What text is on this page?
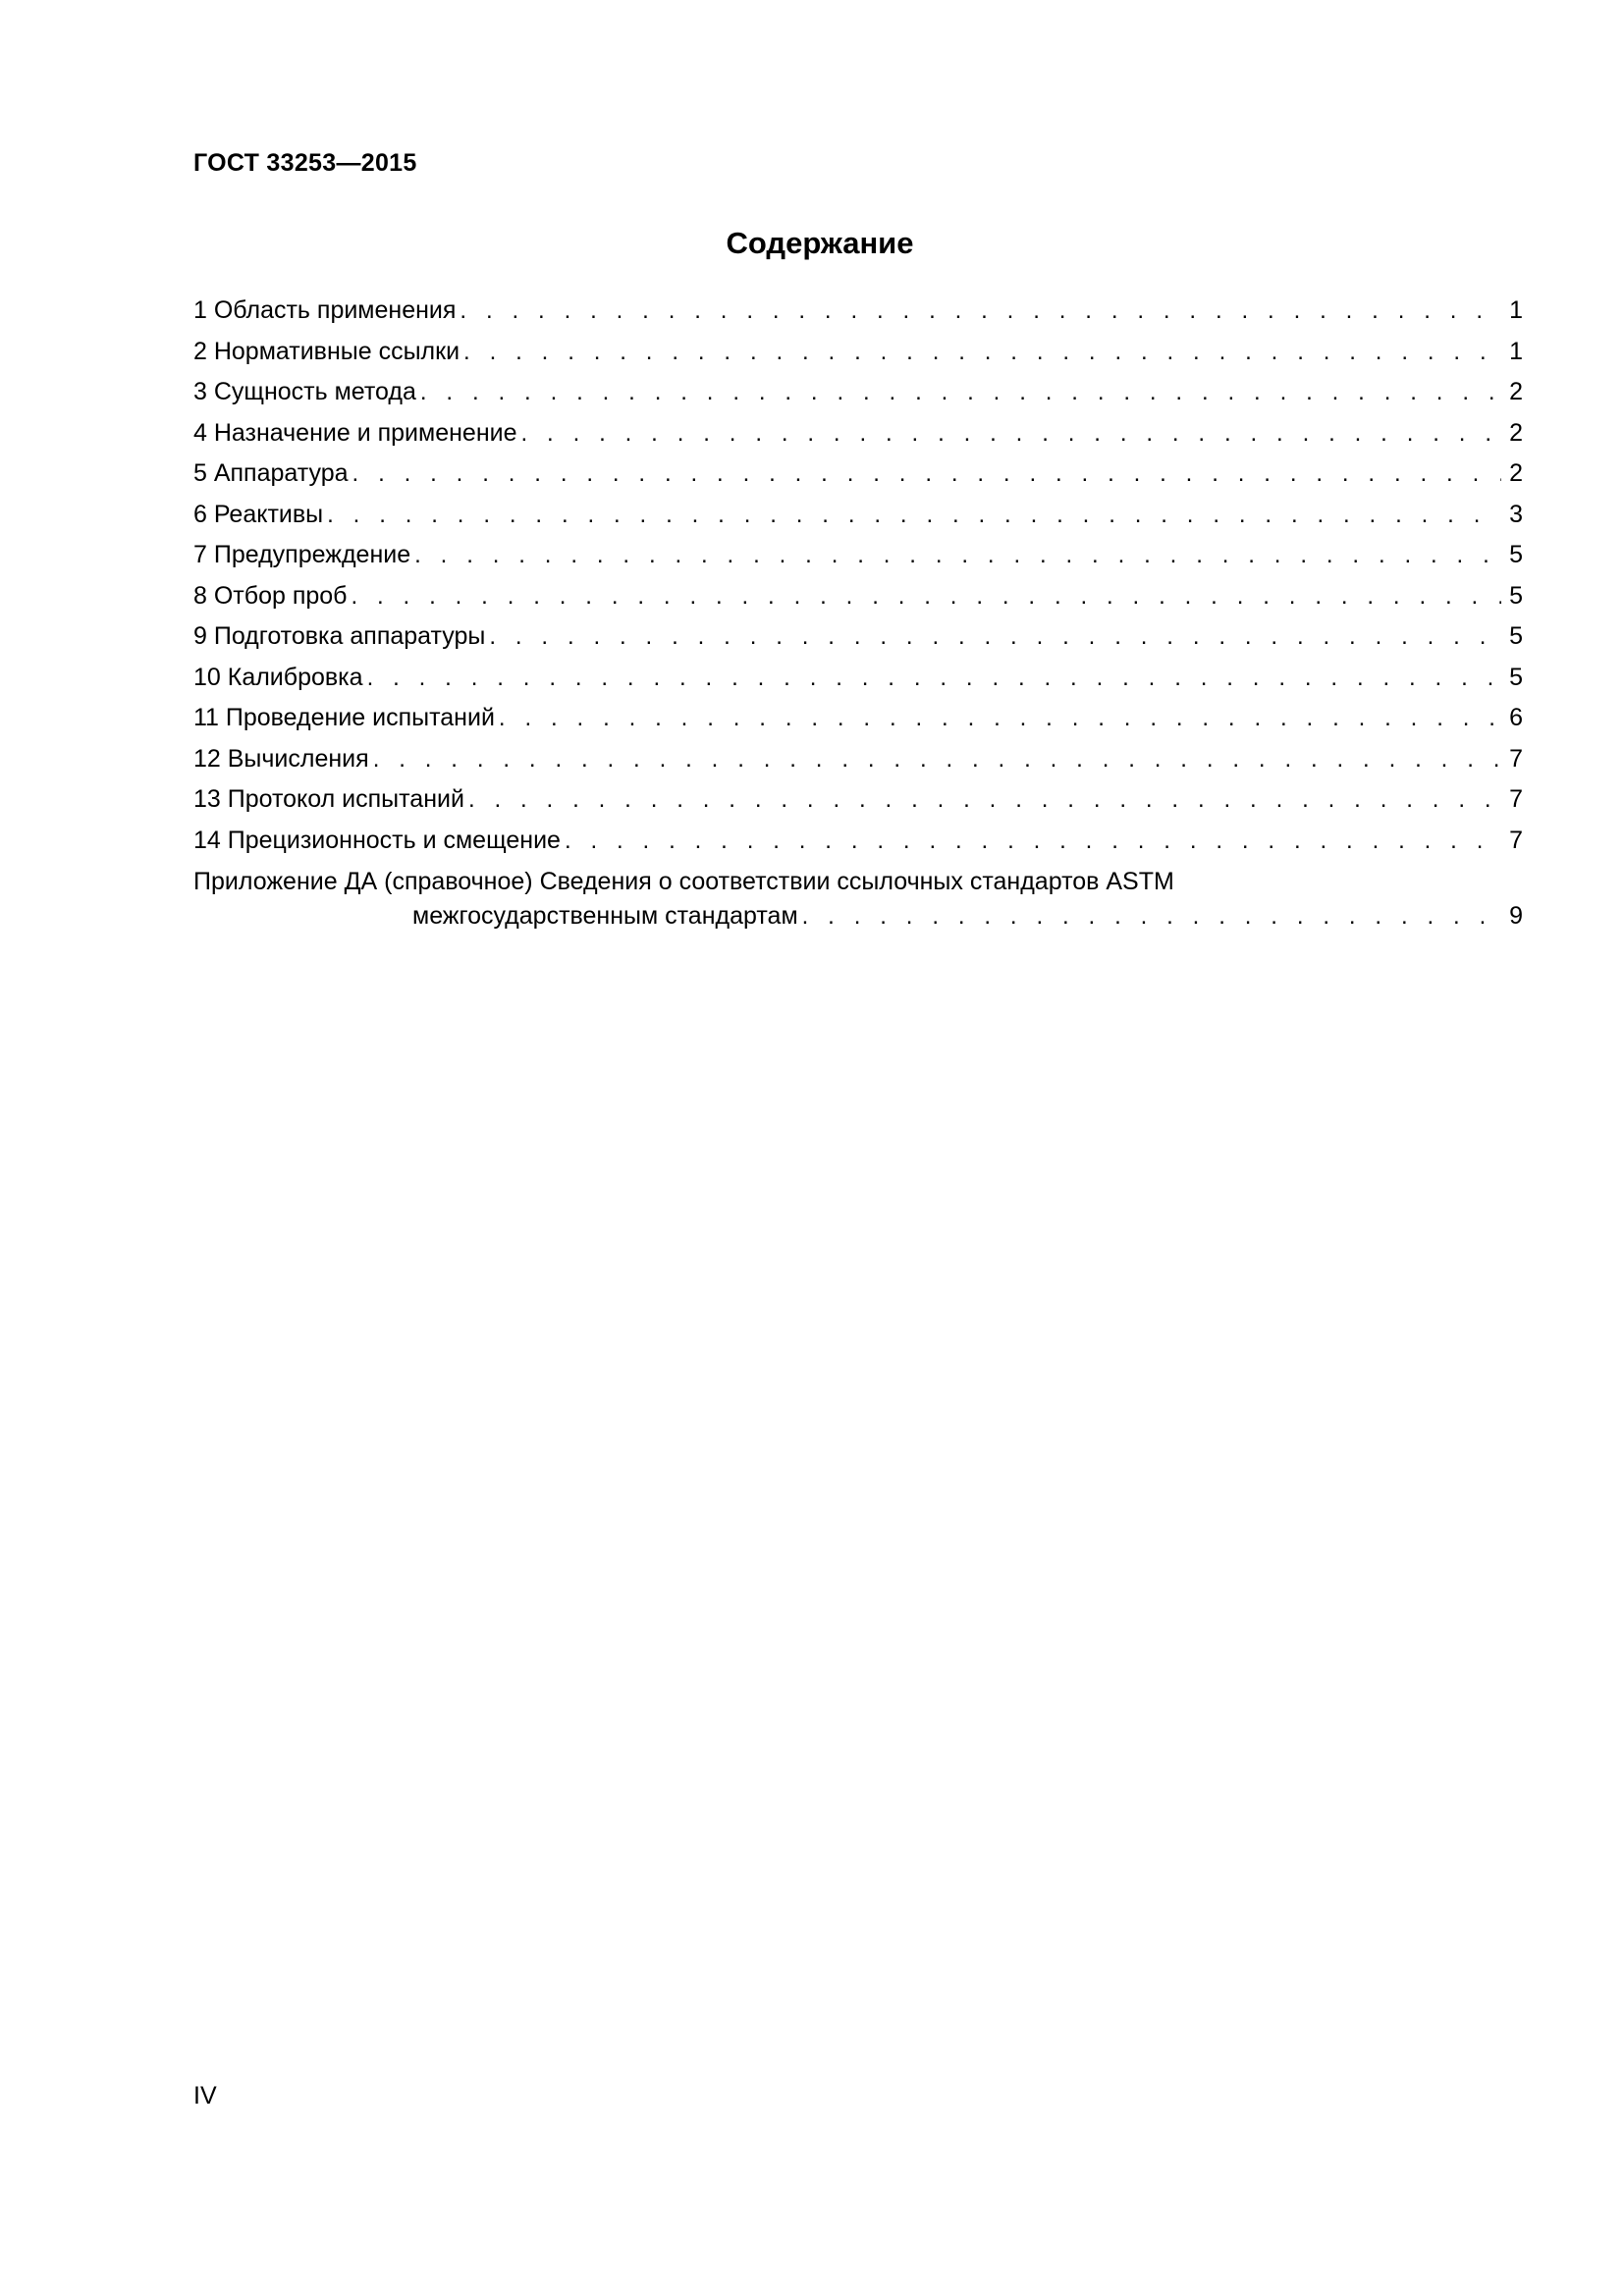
ГОСТ 33253—2015
Содержание
1 Область применения . . .	1
2 Нормативные ссылки . . .	1
3 Сущность метода . . .	2
4 Назначение и применение . . .	2
5 Аппаратура . . .	2
6 Реактивы . . .	3
7 Предупреждение . . .	5
8 Отбор проб . . .	5
9 Подготовка аппаратуры . . .	5
10 Калибровка . . .	5
11 Проведение испытаний . . .	6
12 Вычисления . . .	7
13 Протокол испытаний . . .	7
14 Прецизионность и смещение . . .	7
Приложение ДА (справочное) Сведения о соответствии ссылочных стандартов ASTM
межгосударственным стандартам . . .	9
IV
